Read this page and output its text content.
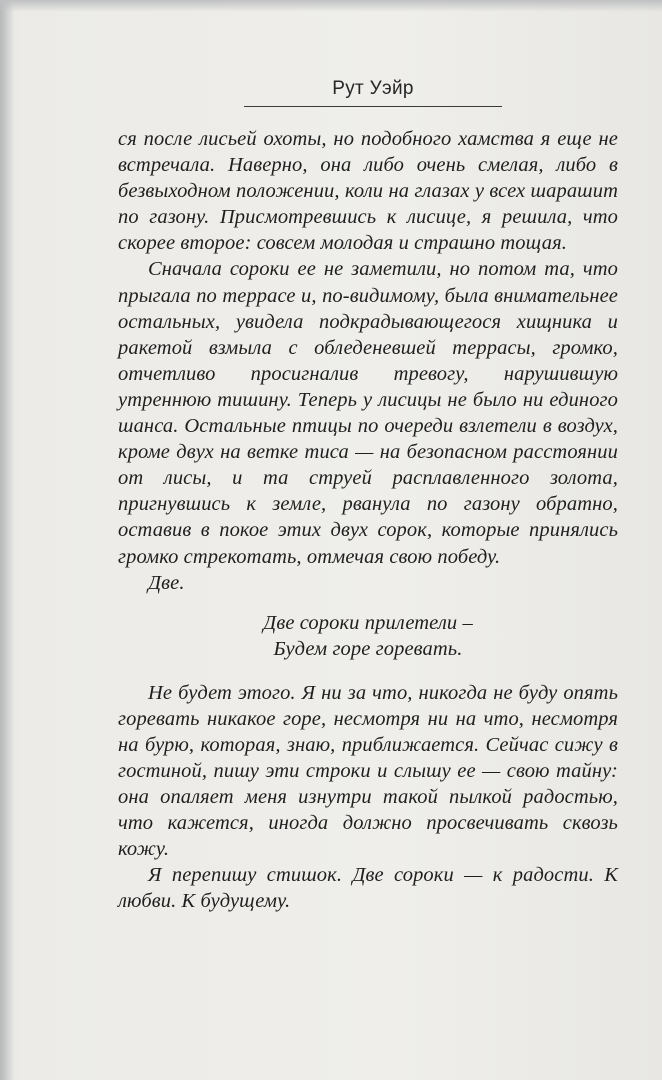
Рут Уэйр

ся после лисьей охоты, но подобного хамства я еще не встречала. Наверно, она либо очень смелая, либо в безвыходном положении, коли на глазах у всех шарашит по газону. Присмотревшись к лисице, я решила, что скорее второе: совсем молодая и страшно тощая.

Сначала сороки ее не заметили, но потом та, что прыгала по террасе и, по-видимому, была внимательнее остальных, увидела подкрадывающегося хищника и ракетой взмыла с обледеневшей террасы, громко, отчетливо просигналив тревогу, нарушившую утреннюю тишину. Теперь у лисицы не было ни единого шанса. Остальные птицы по очереди взлетели в воздух, кроме двух на ветке тиса — на безопасном расстоянии от лисы, и та струей расплавленного золота, пригнувшись к земле, рванула по газону обратно, оставив в покое этих двух сорок, которые принялись громко стрекотать, отмечая свою победу.

Две.

Две сороки прилетели –
Будем горе горевать.

Не будет этого. Я ни за что, никогда не буду опять горевать никакое горе, несмотря ни на что, несмотря на бурю, которая, знаю, приближается. Сейчас сижу в гостиной, пишу эти строки и слышу ее — свою тайну: она опаляет меня изнутри такой пылкой радостью, что кажется, иногда должно просвечивать сквозь кожу.

Я перепишу стишок. Две сороки — к радости. К любви. К будущему.
